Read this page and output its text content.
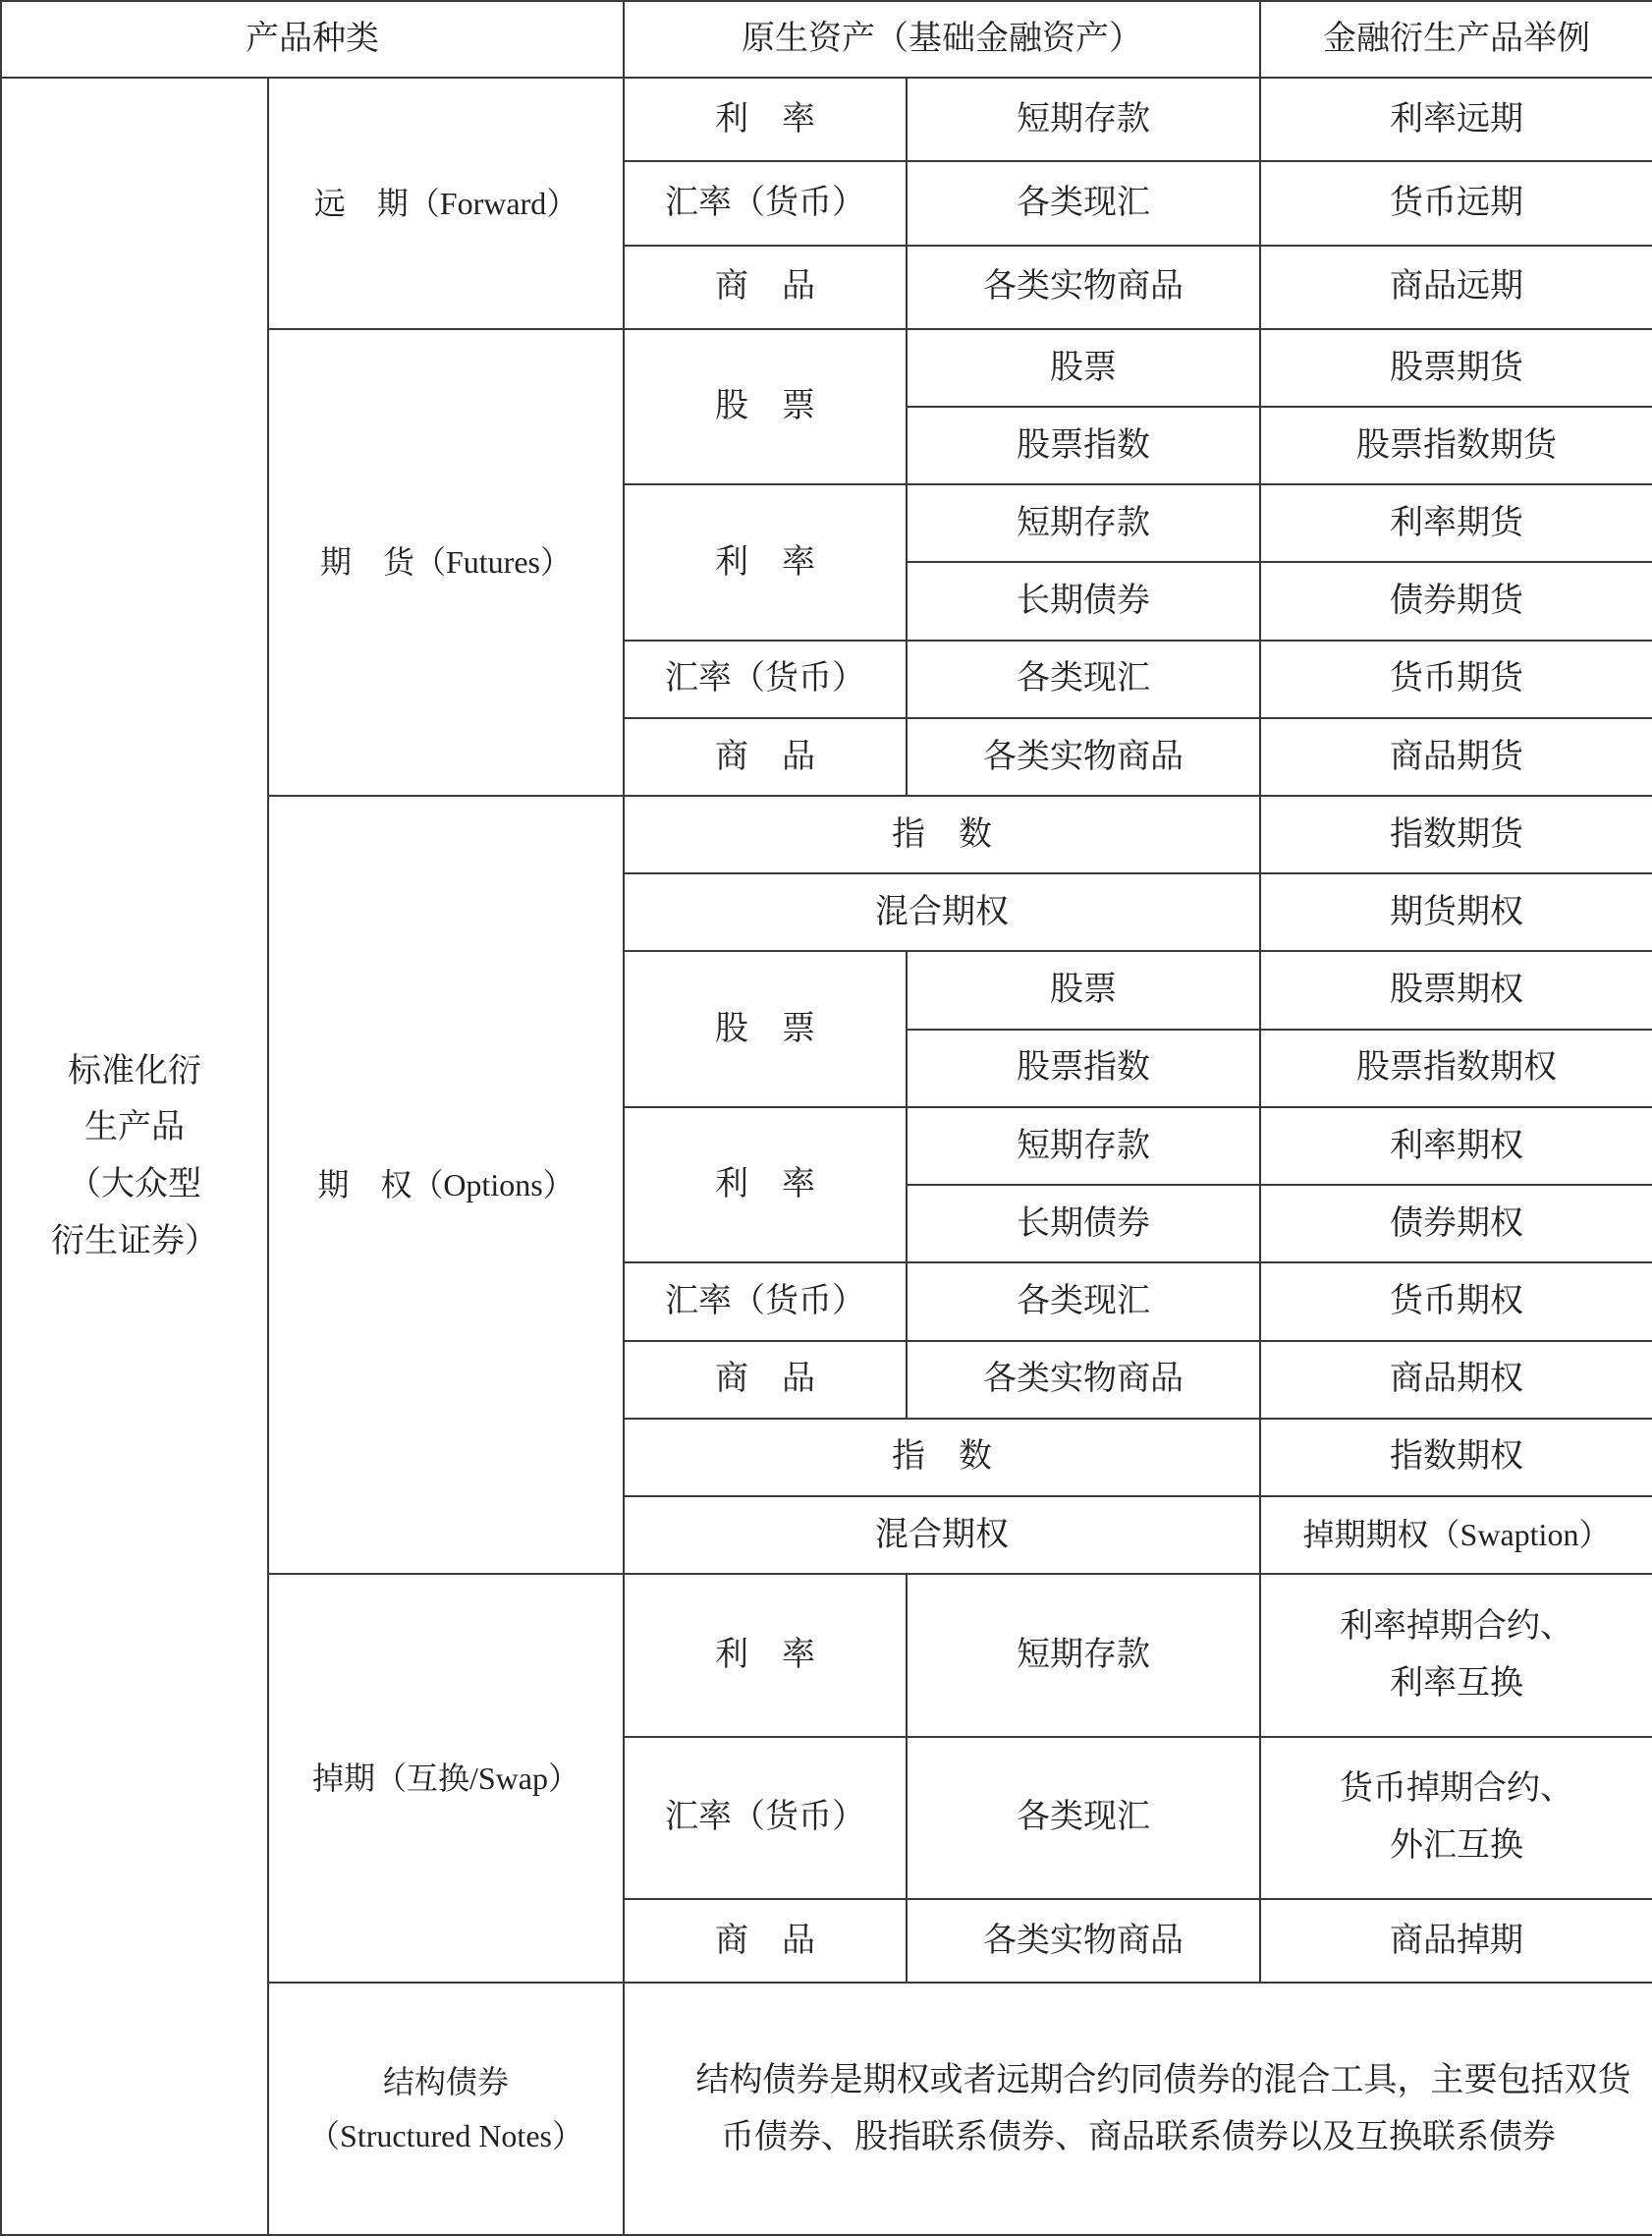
产品种类		原生资产（基础金融资产）		金融衍生产品举例

标准化衍
生产品
（大众型
衍生证券）	远　期（Forward）	利　率	短期存款	利率远期
		汇率（货币）	各类现汇	货币远期
		商　品	各类实物商品	商品远期
	期　货（Futures）	股　票	股票	股票期货
			股票指数	股票指数期货
		利　率	短期存款	利率期货
			长期债券	债券期货
		汇率（货币）	各类现汇	货币期货
		商　品	各类实物商品	商品期货
	期　权（Options）	指　数		指数期货
		混合期权		期货期权
		股　票	股票	股票期权
			股票指数	股票指数期权
		利　率	短期存款	利率期权
			长期债券	债券期权
		汇率（货币）	各类现汇	货币期权
		商　品	各类实物商品	商品期权
		指　数		指数期权
		混合期权		掉期期权（Swaption）
	掉期（互换/Swap）	利　率	短期存款	利率掉期合约、
利率互换

		汇率（货币）	各类现汇	货币掉期合约、
外汇互换

		商　品	各类实物商品	商品掉期

	结构债券
（Structured Notes）	结构债券是期权或者远期合约同债券的混合工具，主要包括双货币债券、股指联系债券、商品联系债券以及互换联系债券		
